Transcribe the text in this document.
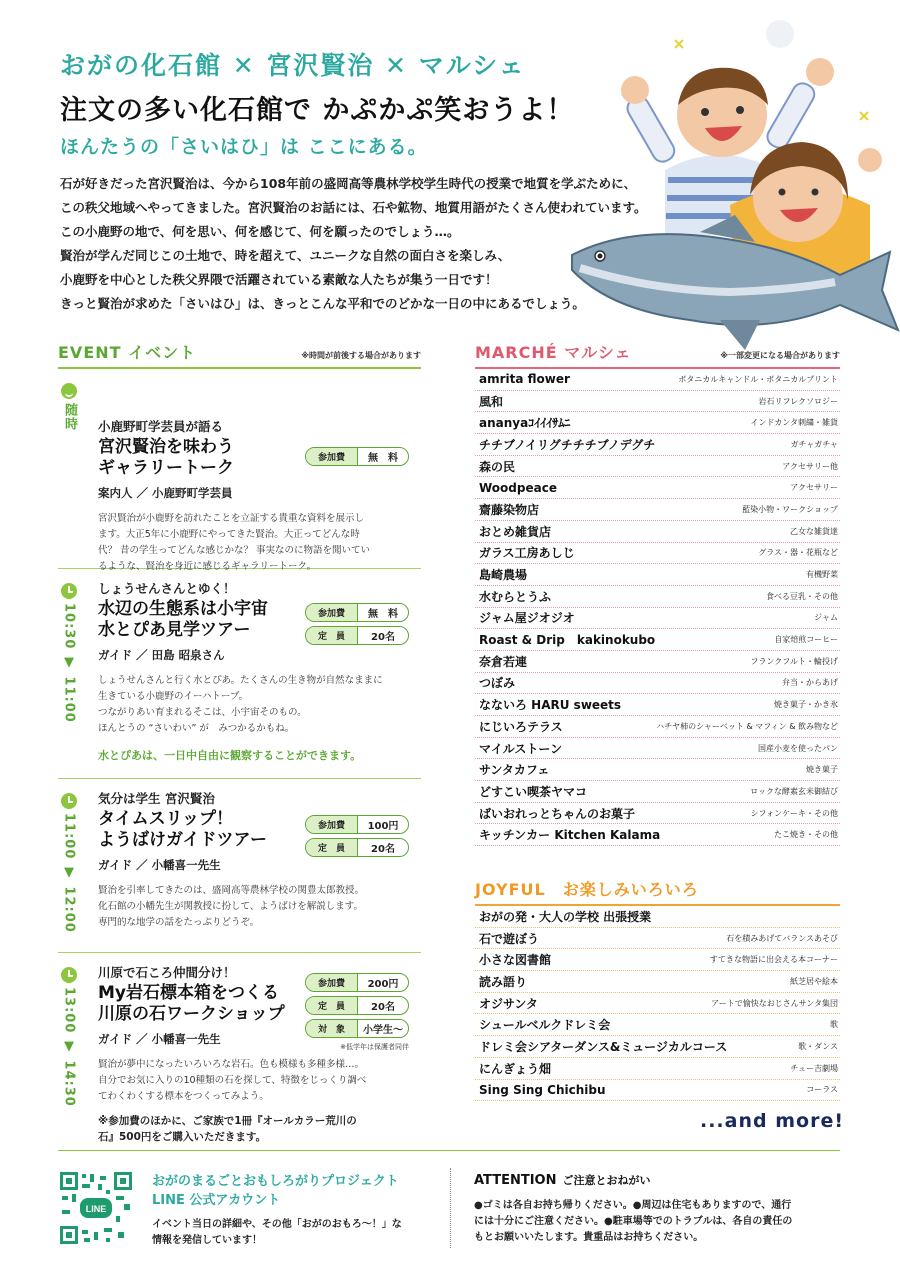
おがの化石館 ✕ 宮沢賢治 ✕ マルシェ
注文の多い化石館で かぷかぷ笑おうよ！
ほんたうの「さいはひ」は ここにある。
石が好きだった宮沢賢治は、今から108年前の盛岡高等農林学校学生時代の授業で地質を学ぶために、
この秩父地域へやってきました。宮沢賢治のお話には、石や鉱物、地質用語がたくさん使われています。
この小鹿野の地で、何を思い、何を感じて、何を願ったのでしょう…。
賢治が学んだ同じこの土地で、時を超えて、ユニークな自然の面白さを楽しみ、
小鹿野を中心とした秩父界隈で活躍されている素敵な人たちが集う一日です！
きっと賢治が求めた「さいはひ」は、きっとこんな平和でのどかな一日の中にあるでしょう。
EVENT イベント	※時間が前後する場合があります
随時
参加費	無　料
小鹿野町学芸員が語る
宮沢賢治を味わう
ギャラリートーク
案内人 ／ 小鹿野町学芸員
宮沢賢治が小鹿野を訪れたことを立証する貴重な資料を展示し
ます。大正5年に小鹿野にやってきた賢治。大正ってどんな時
代？ 昔の学生ってどんな感じかな？ 事実なのに物語を聞いてい
るような、賢治を身近に感じるギャラリートーク。
10:30 ▼ 11:00	参加費	無　料
定　員	20名
しょうせんさんとゆく！
水辺の生態系は小宇宙
水とぴあ見学ツアー
ガイド ／ 田島 昭泉さん
しょうせんさんと行く水とぴあ。たくさんの生き物が自然なままに
生きている小鹿野のイーハトーブ。
つながりあい育まれるそこは、小宇宙そのもの。
ほんとうの “さいわい” が　みつかるかもね。
水とぴあは、一日中自由に観察することができます。
11:00 ▼ 12:00	参加費	100円
定　員	20名
気分は学生 宮沢賢治
タイムスリップ！
ようばけガイドツアー
ガイド ／ 小幡喜一先生
賢治を引率してきたのは、盛岡高等農林学校の関豊太郎教授。
化石館の小幡先生が関教授に扮して、ようばけを解説します。
専門的な地学の話をたっぷりどうぞ。
13:00 ▼ 14:30
参加費	200円
定　員	20名
対　象	小学生〜
※低学年は保護者同伴
川原で石ころ仲間分け！
My岩石標本箱をつくる
川原の石ワークショップ
ガイド ／ 小幡喜一先生
賢治が夢中になったいろいろな岩石。色も模様も多種多様…。
自分でお気に入りの10種類の石を探して、特徴をじっくり調べ
てわくわくする標本をつくってみよう。
※参加費のほかに、ご家族で1冊『オールカラー荒川の
石』500円をご購入いただきます。
MARCHÉ マルシェ	※一部変更になる場合があります
amrita flower	ボタニカルキャンドル・ボタニカルプリント
風和	岩石リフレクソロジー
ananyaｺｲｲｲｻﾑﾆ	インドカンタ刺繍・雑貨
チチブノイリグチチチブノデグチ	ガチャガチャ
森の民	アクセサリー他
Woodpeace	アクセサリー
齋藤染物店	藍染小物・ワークショップ
おとめ雑貨店	乙女な雑貨達
ガラス工房あしじ	グラス・器・花瓶など
島崎農場	有機野菜
水むらとうふ	食べる豆乳・その他
ジャム屋ジオジオ	ジャム
Roast & Drip　kakinokubo	自家焙煎コーヒー
奈倉若連	フランクフルト・輪投げ
つぼみ	弁当・からあげ
なないろ HARU sweets	焼き菓子・かき氷
にじいろテラス	ハチヤ柿のシャーベット & マフィン & 飲み物など
マイルストーン	国産小麦を使ったパン
サンタカフェ	焼き菓子
どすこい喫茶ヤマコ	ロックな酵素玄米御結び
ばいおれっとちゃんのお菓子	シフォンケーキ・その他
キッチンカー Kitchen Kalama	たこ焼き・その他
JOYFUL　お楽しみいろいろ
おがの発・大人の学校 出張授業
石で遊ぼう	石を積みあげてバランスあそび
小さな図書館	すてきな物語に出会える本コーナー
読み語り	紙芝居や絵本
オジサンタ	アートで愉快なおじさんサンタ集団
シュールベルクドレミ会	歌
ドレミ会シアターダンス&ミュージカルコース	歌・ダンス
にんぎょう畑	チュー吉劇場
Sing Sing Chichibu	コーラス
...and more!
LINE
おがのまるごとおもしろがりプロジェクト
LINE 公式アカウント
イベント当日の詳細や、その他「おがのおもろ〜！」な
情報を発信しています！
ATTENTION ご注意とおねがい
●ゴミは各自お持ち帰りください。●周辺は住宅もありますので、通行
には十分にご注意ください。●駐車場等でのトラブルは、各自の責任の
もとお願いいたします。貴重品はお持ちください。
